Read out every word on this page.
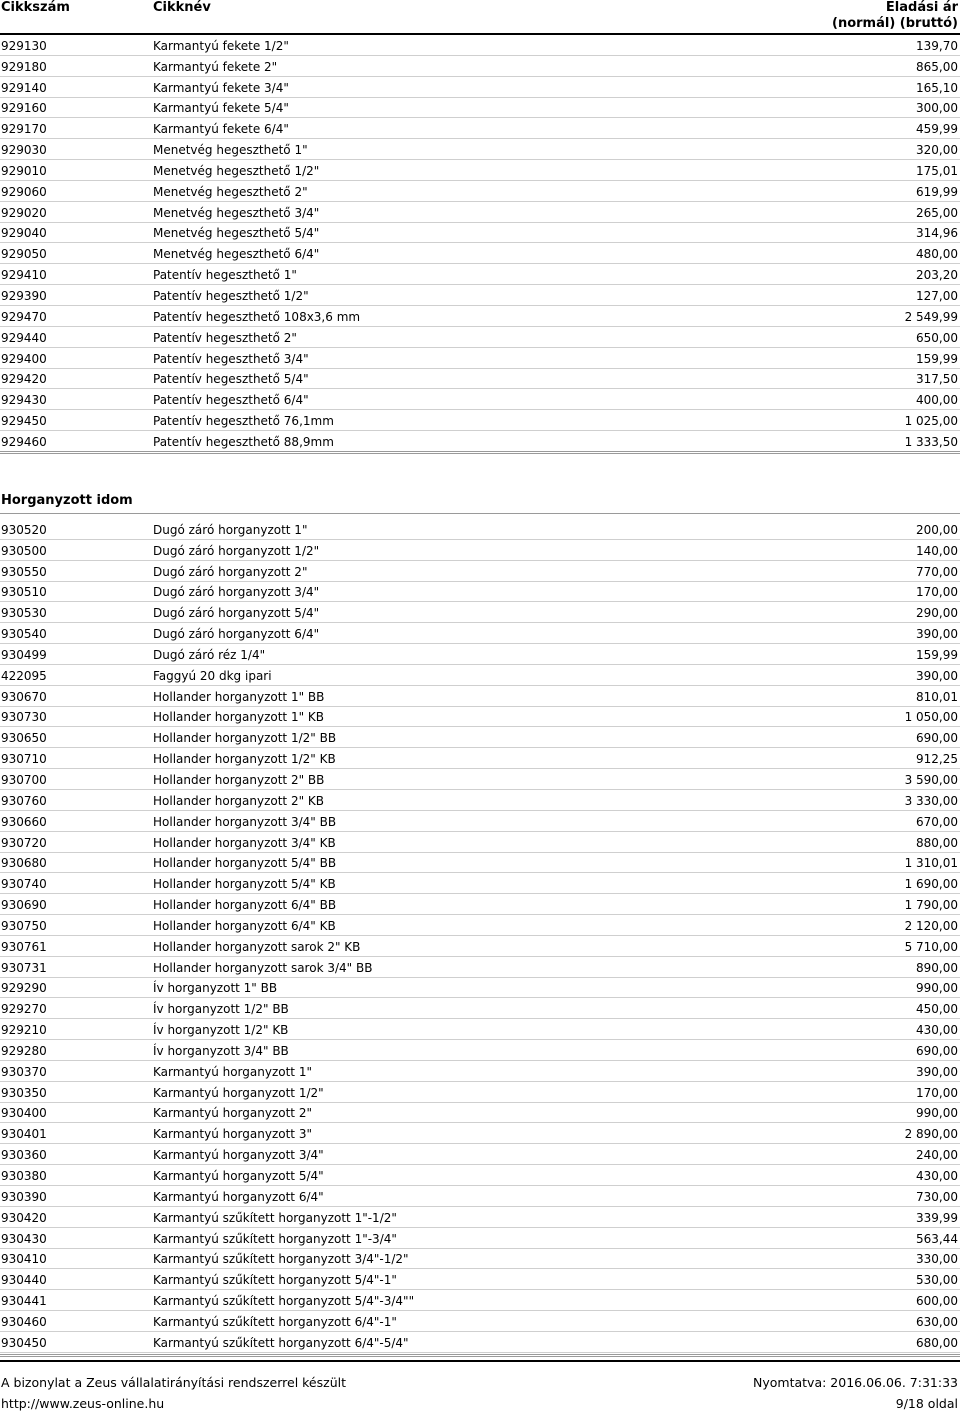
Cikkszám	Cikknév	Eladási ár
(normál) (bruttó)
929130	Karmantyú fekete 1/2"	139,70
929180	Karmantyú fekete 2"	865,00
929140	Karmantyú fekete 3/4"	165,10
929160	Karmantyú fekete 5/4"	300,00
929170	Karmantyú fekete 6/4"	459,99
929030	Menetvég hegeszthető 1"	320,00
929010	Menetvég hegeszthető 1/2"	175,01
929060	Menetvég hegeszthető 2"	619,99
929020	Menetvég hegeszthető 3/4"	265,00
929040	Menetvég hegeszthető 5/4"	314,96
929050	Menetvég hegeszthető 6/4"	480,00
929410	Patentív hegeszthető 1"	203,20
929390	Patentív hegeszthető 1/2"	127,00
929470	Patentív hegeszthető 108x3,6 mm	2 549,99
929440	Patentív hegeszthető 2"	650,00
929400	Patentív hegeszthető 3/4"	159,99
929420	Patentív hegeszthető 5/4"	317,50
929430	Patentív hegeszthető 6/4"	400,00
929450	Patentív hegeszthető 76,1mm	1 025,00
929460	Patentív hegeszthető 88,9mm	1 333,50
Horganyzott idom
930520	Dugó záró horganyzott 1"	200,00
930500	Dugó záró horganyzott 1/2"	140,00
930550	Dugó záró horganyzott 2"	770,00
930510	Dugó záró horganyzott 3/4"	170,00
930530	Dugó záró horganyzott 5/4"	290,00
930540	Dugó záró horganyzott 6/4"	390,00
930499	Dugó záró réz 1/4"	159,99
422095	Faggyú 20 dkg ipari	390,00
930670	Hollander horganyzott 1" BB	810,01
930730	Hollander horganyzott 1" KB	1 050,00
930650	Hollander horganyzott 1/2" BB	690,00
930710	Hollander horganyzott 1/2" KB	912,25
930700	Hollander horganyzott 2" BB	3 590,00
930760	Hollander horganyzott 2" KB	3 330,00
930660	Hollander horganyzott 3/4" BB	670,00
930720	Hollander horganyzott 3/4" KB	880,00
930680	Hollander horganyzott 5/4" BB	1 310,01
930740	Hollander horganyzott 5/4" KB	1 690,00
930690	Hollander horganyzott 6/4" BB	1 790,00
930750	Hollander horganyzott 6/4" KB	2 120,00
930761	Hollander horganyzott sarok 2" KB	5 710,00
930731	Hollander horganyzott sarok 3/4" BB	890,00
929290	Ív horganyzott 1" BB	990,00
929270	Ív horganyzott 1/2" BB	450,00
929210	Ív horganyzott 1/2" KB	430,00
929280	Ív horganyzott 3/4" BB	690,00
930370	Karmantyú horganyzott 1"	390,00
930350	Karmantyú horganyzott 1/2"	170,00
930400	Karmantyú horganyzott 2"	990,00
930401	Karmantyú horganyzott 3"	2 890,00
930360	Karmantyú horganyzott 3/4"	240,00
930380	Karmantyú horganyzott 5/4"	430,00
930390	Karmantyú horganyzott 6/4"	730,00
930420	Karmantyú szűkített horganyzott 1"-1/2"	339,99
930430	Karmantyú szűkített horganyzott 1"-3/4"	563,44
930410	Karmantyú szűkített horganyzott 3/4"-1/2"	330,00
930440	Karmantyú szűkített horganyzott 5/4"-1"	530,00
930441	Karmantyú szűkített horganyzott 5/4"-3/4""	600,00
930460	Karmantyú szűkített horganyzott 6/4"-1"	630,00
930450	Karmantyú szűkített horganyzott 6/4"-5/4"	680,00
A bizonylat a Zeus vállalatirányítási rendszerrel készült
http://www.zeus-online.hu
Nyomtatva: 2016.06.06. 7:31:33
9/18 oldal
